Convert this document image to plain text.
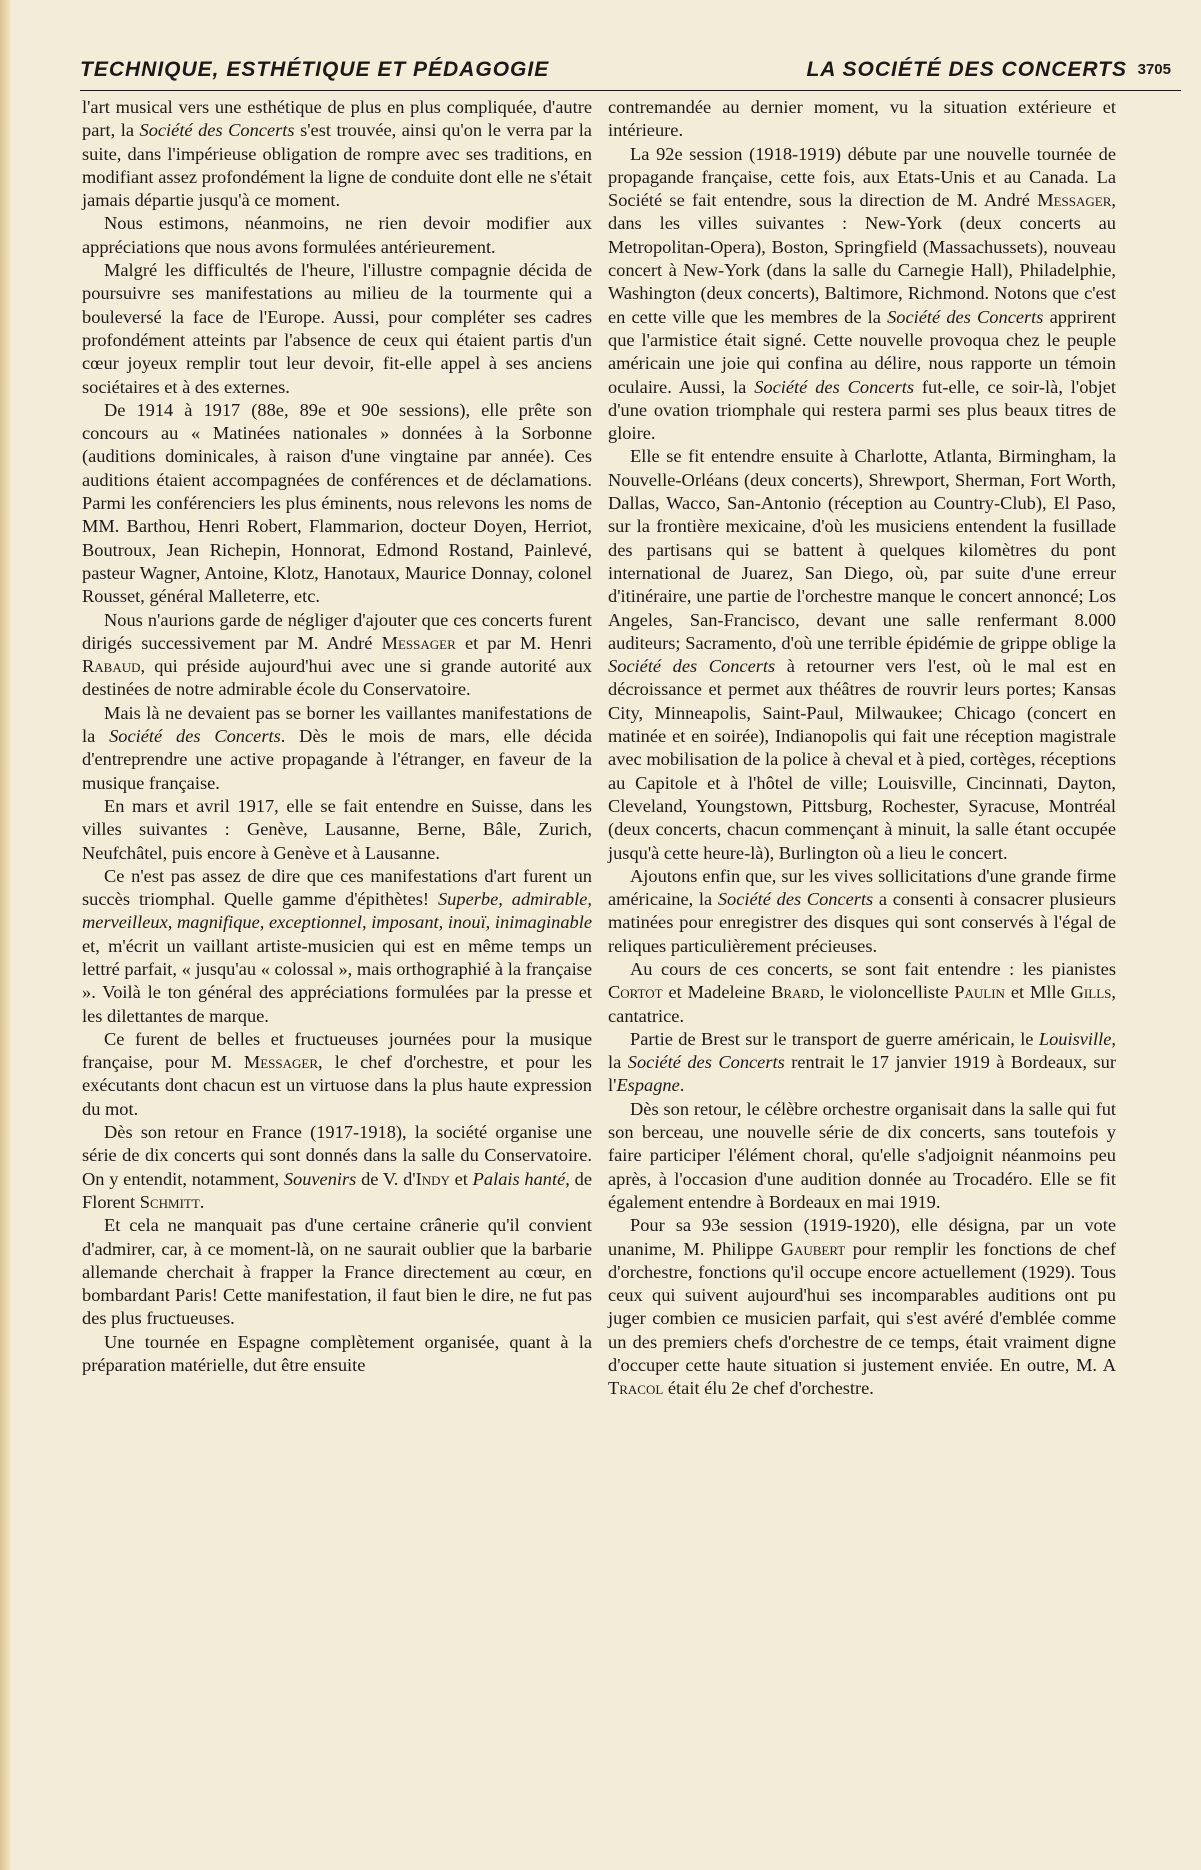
TECHNIQUE, ESTHÉTIQUE ET PÉDAGOGIE	LA SOCIÉTÉ DES CONCERTS 3705

l'art musical vers une esthétique de plus en plus compliquée, d'autre part, la Société des Concerts s'est trouvée, ainsi qu'on le verra par la suite, dans l'impérieuse obligation de rompre avec ses traditions, en modifiant assez profondément la ligne de conduite dont elle ne s'était jamais départie jusqu'à ce moment.

Nous estimons, néanmoins, ne rien devoir modifier aux appréciations que nous avons formulées antérieurement.

Malgré les difficultés de l'heure, l'illustre compagnie décida de poursuivre ses manifestations au milieu de la tourmente qui a bouleversé la face de l'Europe. Aussi, pour compléter ses cadres profondément atteints par l'absence de ceux qui étaient partis d'un cœur joyeux remplir tout leur devoir, fit-elle appel à ses anciens sociétaires et à des externes.

De 1914 à 1917 (88e, 89e et 90e sessions), elle prête son concours au « Matinées nationales » données à la Sorbonne (auditions dominicales, à raison d'une vingtaine par année). Ces auditions étaient accompagnées de conférences et de déclamations. Parmi les conférenciers les plus éminents, nous relevons les noms de MM. Barthou, Henri Robert, Flammarion, docteur Doyen, Herriot, Boutroux, Jean Richepin, Honnorat, Edmond Rostand, Painlevé, pasteur Wagner, Antoine, Klotz, Hanotaux, Maurice Donnay, colonel Rousset, général Malleterre, etc.

Nous n'aurions garde de négliger d'ajouter que ces concerts furent dirigés successivement par M. André Messager et par M. Henri Rabaud, qui préside aujourd'hui avec une si grande autorité aux destinées de notre admirable école du Conservatoire.

Mais là ne devaient pas se borner les vaillantes manifestations de la Société des Concerts. Dès le mois de mars, elle décida d'entreprendre une active propagande à l'étranger, en faveur de la musique française.

En mars et avril 1917, elle se fait entendre en Suisse, dans les villes suivantes : Genève, Lausanne, Berne, Bâle, Zurich, Neufchâtel, puis encore à Genève et à Lausanne.

Ce n'est pas assez de dire que ces manifestations d'art furent un succès triomphal. Quelle gamme d'épithètes! Superbe, admirable, merveilleux, magnifique, exceptionnel, imposant, inouï, inimaginable et, m'écrit un vaillant artiste-musicien qui est en même temps un lettré parfait, « jusqu'au « colossal », mais orthographié à la française ». Voilà le ton général des appréciations formulées par la presse et les dilettantes de marque.

Ce furent de belles et fructueuses journées pour la musique française, pour M. Messager, le chef d'orchestre, et pour les exécutants dont chacun est un virtuose dans la plus haute expression du mot.

Dès son retour en France (1917-1918), la société organise une série de dix concerts qui sont donnés dans la salle du Conservatoire. On y entendit, notamment, Souvenirs de V. d'Indy et Palais hanté, de Florent Schmitt.

Et cela ne manquait pas d'une certaine crânerie qu'il convient d'admirer, car, à ce moment-là, on ne saurait oublier que la barbarie allemande cherchait à frapper la France directement au cœur, en bombardant Paris! Cette manifestation, il faut bien le dire, ne fut pas des plus fructueuses.

Une tournée en Espagne complètement organisée, quant à la préparation matérielle, dut être ensuite

contremandée au dernier moment, vu la situation extérieure et intérieure.

La 92e session (1918-1919) débute par une nouvelle tournée de propagande française, cette fois, aux Etats-Unis et au Canada. La Société se fait entendre, sous la direction de M. André Messager, dans les villes suivantes : New-York (deux concerts au Metropolitan-Opera), Boston, Springfield (Massachussets), nouveau concert à New-York (dans la salle du Carnegie Hall), Philadelphie, Washington (deux concerts), Baltimore, Richmond. Notons que c'est en cette ville que les membres de la Société des Concerts apprirent que l'armistice était signé. Cette nouvelle provoqua chez le peuple américain une joie qui confina au délire, nous rapporte un témoin oculaire. Aussi, la Société des Concerts fut-elle, ce soir-là, l'objet d'une ovation triomphale qui restera parmi ses plus beaux titres de gloire.

Elle se fit entendre ensuite à Charlotte, Atlanta, Birmingham, la Nouvelle-Orléans (deux concerts), Shrewport, Sherman, Fort Worth, Dallas, Wacco, San-Antonio (réception au Country-Club), El Paso, sur la frontière mexicaine, d'où les musiciens entendent la fusillade des partisans qui se battent à quelques kilomètres du pont international de Juarez, San Diego, où, par suite d'une erreur d'itinéraire, une partie de l'orchestre manque le concert annoncé; Los Angeles, San-Francisco, devant une salle renfermant 8.000 auditeurs; Sacramento, d'où une terrible épidémie de grippe oblige la Société des Concerts à retourner vers l'est, où le mal est en décroissance et permet aux théâtres de rouvrir leurs portes; Kansas City, Minneapolis, Saint-Paul, Milwaukee; Chicago (concert en matinée et en soirée), Indianopolis qui fait une réception magistrale avec mobilisation de la police à cheval et à pied, cortèges, réceptions au Capitole et à l'hôtel de ville; Louisville, Cincinnati, Dayton, Cleveland, Youngstown, Pittsburg, Rochester, Syracuse, Montréal (deux concerts, chacun commençant à minuit, la salle étant occupée jusqu'à cette heure-là), Burlington où a lieu le concert.

Ajoutons enfin que, sur les vives sollicitations d'une grande firme américaine, la Société des Concerts a consenti à consacrer plusieurs matinées pour enregistrer des disques qui sont conservés à l'égal de reliques particulièrement précieuses.

Au cours de ces concerts, se sont fait entendre : les pianistes Cortot et Madeleine Brard, le violoncelliste Paulin et Mlle Gills, cantatrice.

Partie de Brest sur le transport de guerre américain, le Louisville, la Société des Concerts rentrait le 17 janvier 1919 à Bordeaux, sur l'Espagne.

Dès son retour, le célèbre orchestre organisait dans la salle qui fut son berceau, une nouvelle série de dix concerts, sans toutefois y faire participer l'élément choral, qu'elle s'adjoignit néanmoins peu après, à l'occasion d'une audition donnée au Trocadéro. Elle se fit également entendre à Bordeaux en mai 1919.

Pour sa 93e session (1919-1920), elle désigna, par un vote unanime, M. Philippe Gaubert pour remplir les fonctions de chef d'orchestre, fonctions qu'il occupe encore actuellement (1929). Tous ceux qui suivent aujourd'hui ses incomparables auditions ont pu juger combien ce musicien parfait, qui s'est avéré d'emblée comme un des premiers chefs d'orchestre de ce temps, était vraiment digne d'occuper cette haute situation si justement enviée. En outre, M. A Tracol était élu 2e chef d'orchestre.
